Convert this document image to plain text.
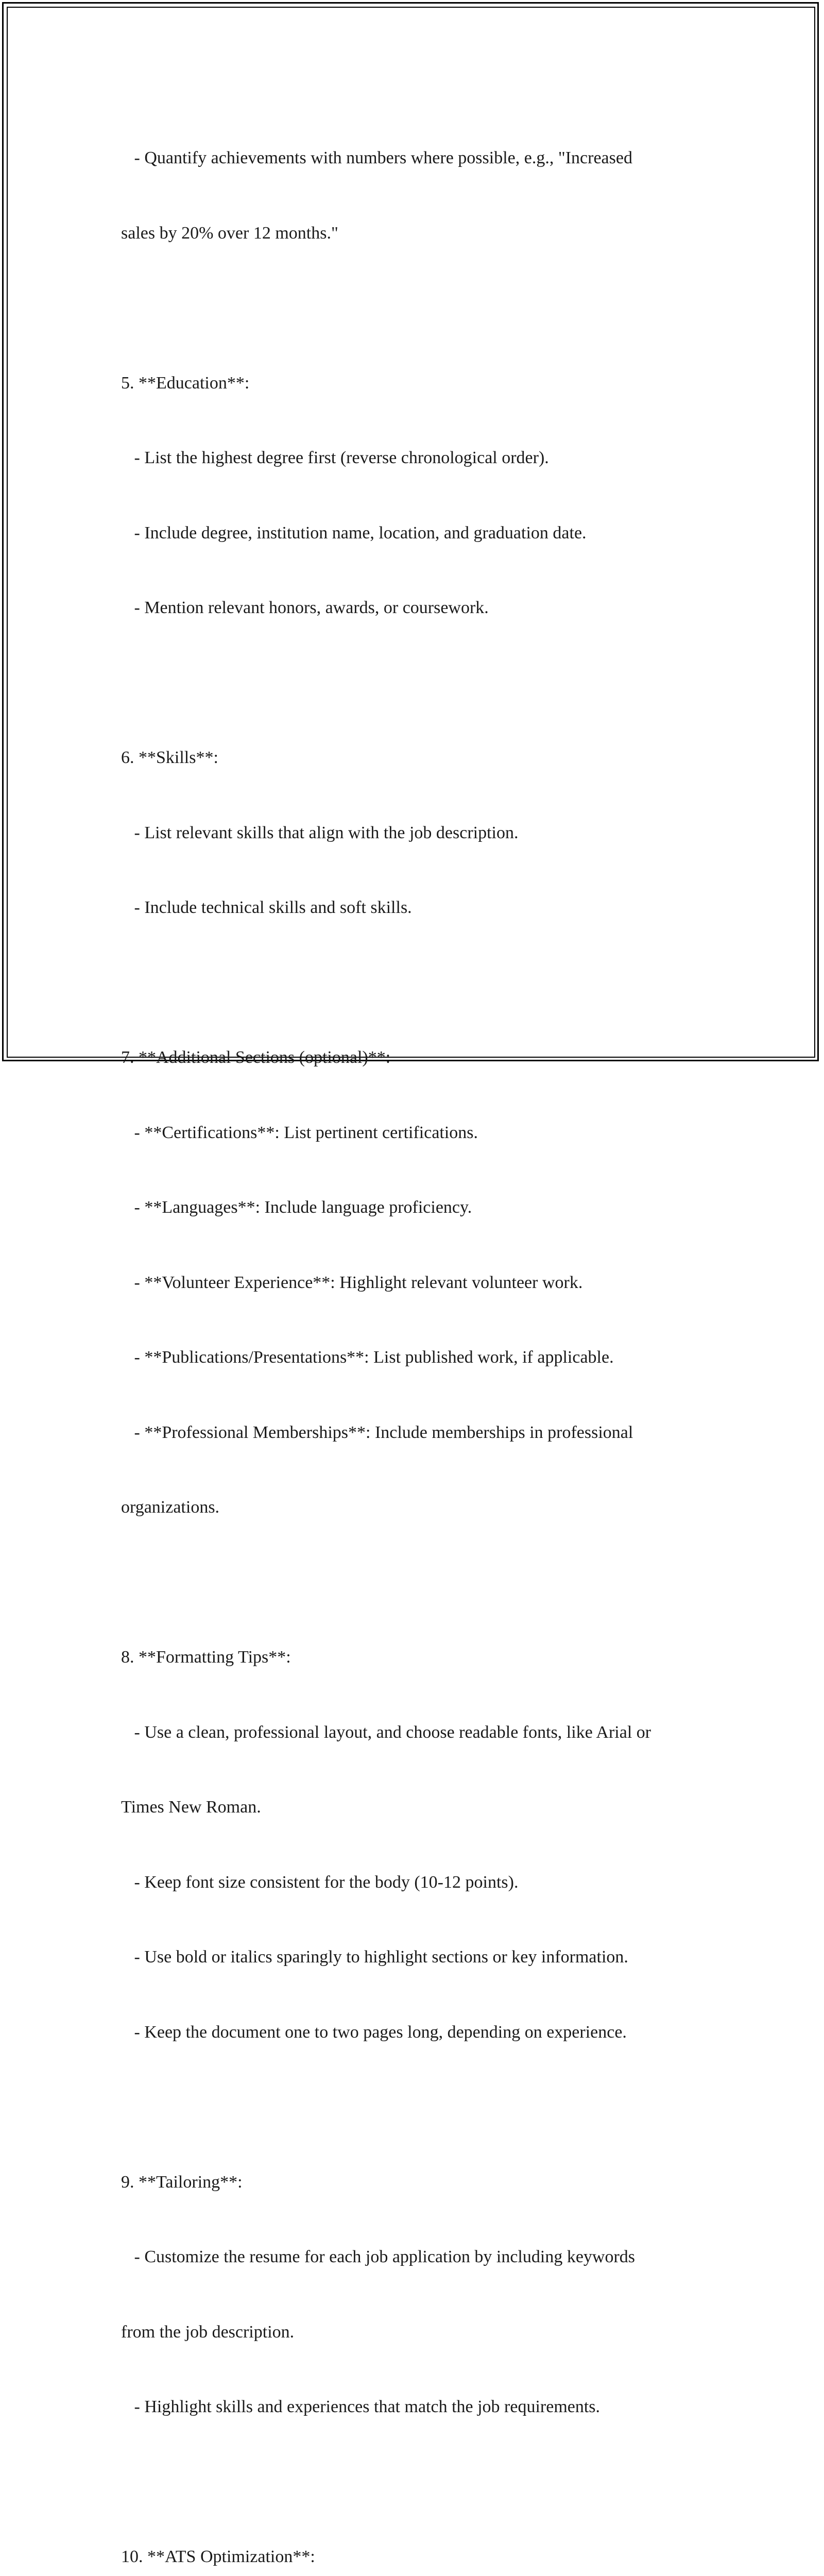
- Quantify achievements with numbers where possible, e.g., "Increased

sales by 20% over 12 months."

5. **Education**:

- List the highest degree first (reverse chronological order).

- Include degree, institution name, location, and graduation date.

- Mention relevant honors, awards, or coursework.

6. **Skills**:

- List relevant skills that align with the job description.

- Include technical skills and soft skills.

7. **Additional Sections (optional)**:

- **Certifications**: List pertinent certifications.

- **Languages**: Include language proficiency.

- **Volunteer Experience**: Highlight relevant volunteer work.

- **Publications/Presentations**: List published work, if applicable.

- **Professional Memberships**: Include memberships in professional

organizations.

8. **Formatting Tips**:

- Use a clean, professional layout, and choose readable fonts, like Arial or

Times New Roman.

- Keep font size consistent for the body (10-12 points).

- Use bold or italics sparingly to highlight sections or key information.

- Keep the document one to two pages long, depending on experience.

9. **Tailoring**:

- Customize the resume for each job application by including keywords

from the job description.

- Highlight skills and experiences that match the job requirements.

10. **ATS Optimization**:
